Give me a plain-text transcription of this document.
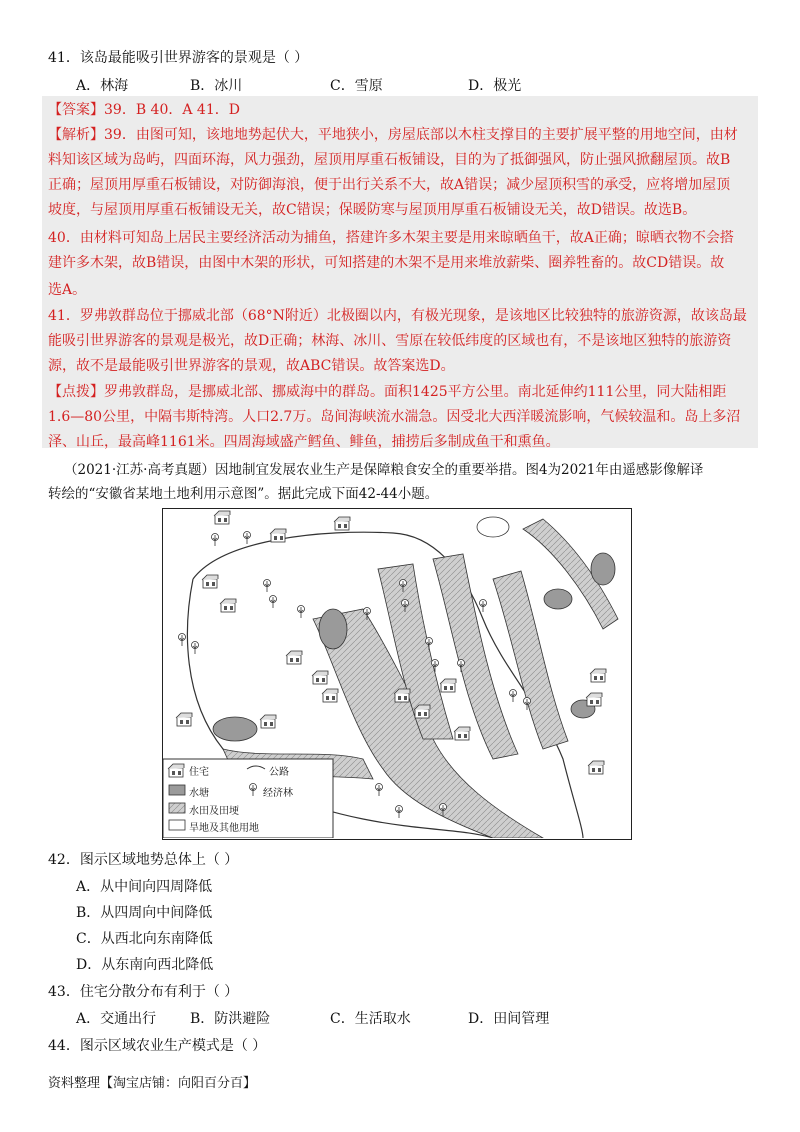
41．该岛最能吸引世界游客的景观是（ ）
A．林海	B．冰川	C．雪原	D．极光
【答案】39．B 40．A 41．D
【解析】39．由图可知，该地地势起伏大，平地狭小，房屋底部以木柱支撑目的主要扩展平整的用地空间，由材
料知该区域为岛屿，四面环海，风力强劲，屋顶用厚重石板铺设，目的为了抵御强风，防止强风掀翻屋顶。故B
正确；屋顶用厚重石板铺设，对防御海浪，便于出行关系不大，故A错误；减少屋顶积雪的承受，应将增加屋顶
坡度，与屋顶用厚重石板铺设无关，故C错误；保暖防寒与屋顶用厚重石板铺设无关，故D错误。故选B。
40．由材料可知岛上居民主要经济活动为捕鱼，搭建许多木架主要是用来晾晒鱼干，故A正确；晾晒衣物不会搭
建许多木架，故B错误，由图中木架的形状，可知搭建的木架不是用来堆放薪柴、圈养牲畜的。故CD错误。故
选A。
41．罗弗敦群岛位于挪威北部（68°N附近）北极圈以内，有极光现象，是该地区比较独特的旅游资源，故该岛最
能吸引世界游客的景观是极光，故D正确；林海、冰川、雪原在较低纬度的区域也有，不是该地区独特的旅游资
源，故不是最能吸引世界游客的景观，故ABC错误。故答案选D。
【点拨】罗弗敦群岛，是挪威北部、挪威海中的群岛。面积1425平方公里。南北延伸约111公里，同大陆相距
1.6—80公里，中隔韦斯特湾。人口2.7万。岛间海峡流水湍急。因受北大西洋暖流影响，气候较温和。岛上多沼
泽、山丘，最高峰1161米。四周海域盛产鳕鱼、鲱鱼，捕捞后多制成鱼干和熏鱼。
（2021·江苏·高考真题）因地制宜发展农业生产是保障粮食安全的重要举措。图4为2021年由遥感影像解译
转绘的“安徽省某地土地利用示意图”。据此完成下面42-44小题。
住宅	公路
水塘	经济林
水田及田埂
旱地及其他用地
42．图示区域地势总体上（ ）
A．从中间向四周降低
B．从四周向中间降低
C．从西北向东南降低
D．从东南向西北降低
43．住宅分散分布有利于（ ）
A．交通出行 B．防洪避险	C．生活取水	D．田间管理
44．图示区域农业生产模式是（ ）
资料整理【淘宝店铺：向阳百分百】
